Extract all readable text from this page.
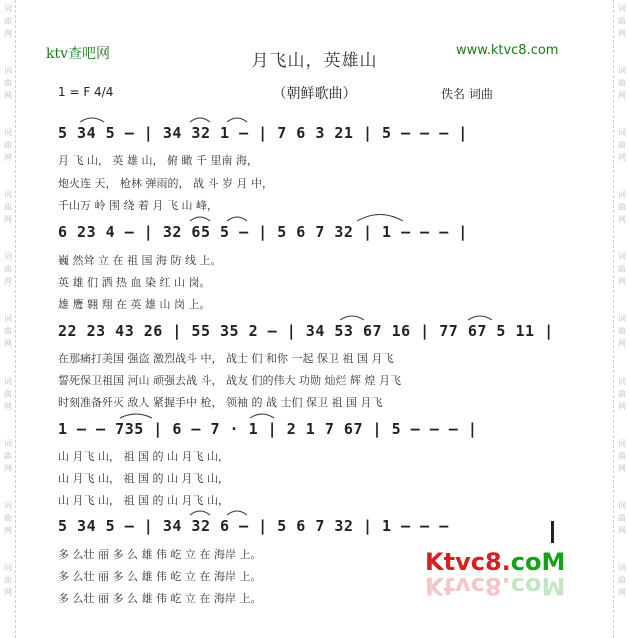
词 曲 网
词 曲 网
词 曲 网
词 曲 网
词 曲 网
词 曲 网
词 曲 网
词 曲 网
词 曲 网
词 曲 网
词 曲 网
词 曲 网
词 曲 网
词 曲 网
词 曲 网
词 曲 网
词 曲 网
词 曲 网
词 曲 网
词 曲 网
ktv查吧网	月飞山，英雄山
www.ktvc8.com
1 = F 4/4	（朝鲜歌曲）	佚名 词曲
5 34 5 – | 34 32 1 – | 7 6 3 21 | 5 – – – |
月 飞 山， 英 雄 山， 俯 瞰 千 里南 海，
炮火连 天， 枪林 弹雨的， 战 斗 岁 月 中，
千山万 岭 围 绕 着 月 飞 山 峰，
6 23 4 – | 32 65 5 – | 5 6 7 32 | 1 – – – |
巍 然耸 立 在 祖 国 海 防 线 上。
英 雄 们 洒 热 血 染 红 山 岗。
雄 鹰 翱 翔 在 英 雄 山 岗 上。
22 23 43 26 | 55 35 2 – | 34 53 67 16 | 77 67 5 11 |
在那痛打美国 强盗 激烈战斗 中， 战士 们 和你 一起 保卫 祖 国 月飞
誓死保卫祖国 河山 顽强去战 斗， 战友 们的伟大 功勋 灿烂 辉 煌 月飞
时刻准备歼灭 敌人 紧握手中 枪， 领袖 的 战 士们 保卫 祖 国 月飞
1 – – 735 | 6 – 7 · 1 | 2 1 7 67 | 5 – – – |
山 月飞 山， 祖 国 的 山 月飞 山，
山 月飞 山， 祖 国 的 山 月飞 山，
山 月飞 山， 祖 国 的 山 月飞 山，
5 34 5 – | 34 32 6 – | 5 6 7 32 | 1 – – –
多 么壮 丽 多 么 雄 伟 屹 立 在 海岸 上。
多 么壮 丽 多 么 雄 伟 屹 立 在 海岸 上。
多 么壮 丽 多 么 雄 伟 屹 立 在 海岸 上。
Ktvc8.coM
Ktvc8.coM
